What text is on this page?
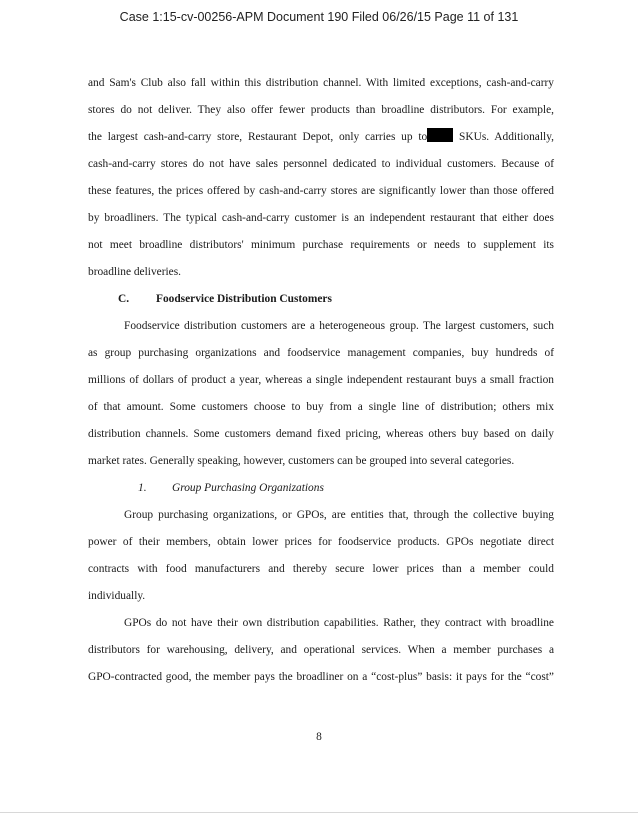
Case 1:15-cv-00256-APM Document 190 Filed 06/26/15 Page 11 of 131
and Sam's Club also fall within this distribution channel. With limited exceptions, cash-and-carry
stores do not deliver. They also offer fewer products than broadline distributors. For example,
the largest cash-and-carry store, Restaurant Depot, only carries up to SKUs. Additionally,
cash-and-carry stores do not have sales personnel dedicated to individual customers. Because of
these features, the prices offered by cash-and-carry stores are significantly lower than those offered
by broadliners. The typical cash-and-carry customer is an independent restaurant that either does
not meet broadline distributors' minimum purchase requirements or needs to supplement its
broadline deliveries.
C. Foodservice Distribution Customers
Foodservice distribution customers are a heterogeneous group. The largest customers, such
as group purchasing organizations and foodservice management companies, buy hundreds of
millions of dollars of product a year, whereas a single independent restaurant buys a small fraction
of that amount. Some customers choose to buy from a single line of distribution; others mix
distribution channels. Some customers demand fixed pricing, whereas others buy based on daily
market rates. Generally speaking, however, customers can be grouped into several categories.
1. Group Purchasing Organizations
Group purchasing organizations, or GPOs, are entities that, through the collective buying
power of their members, obtain lower prices for foodservice products. GPOs negotiate direct
contracts with food manufacturers and thereby secure lower prices than a member could
individually.
GPOs do not have their own distribution capabilities. Rather, they contract with broadline
distributors for warehousing, delivery, and operational services. When a member purchases a
GPO-contracted good, the member pays the broadliner on a “cost-plus” basis: it pays for the “cost”
8
